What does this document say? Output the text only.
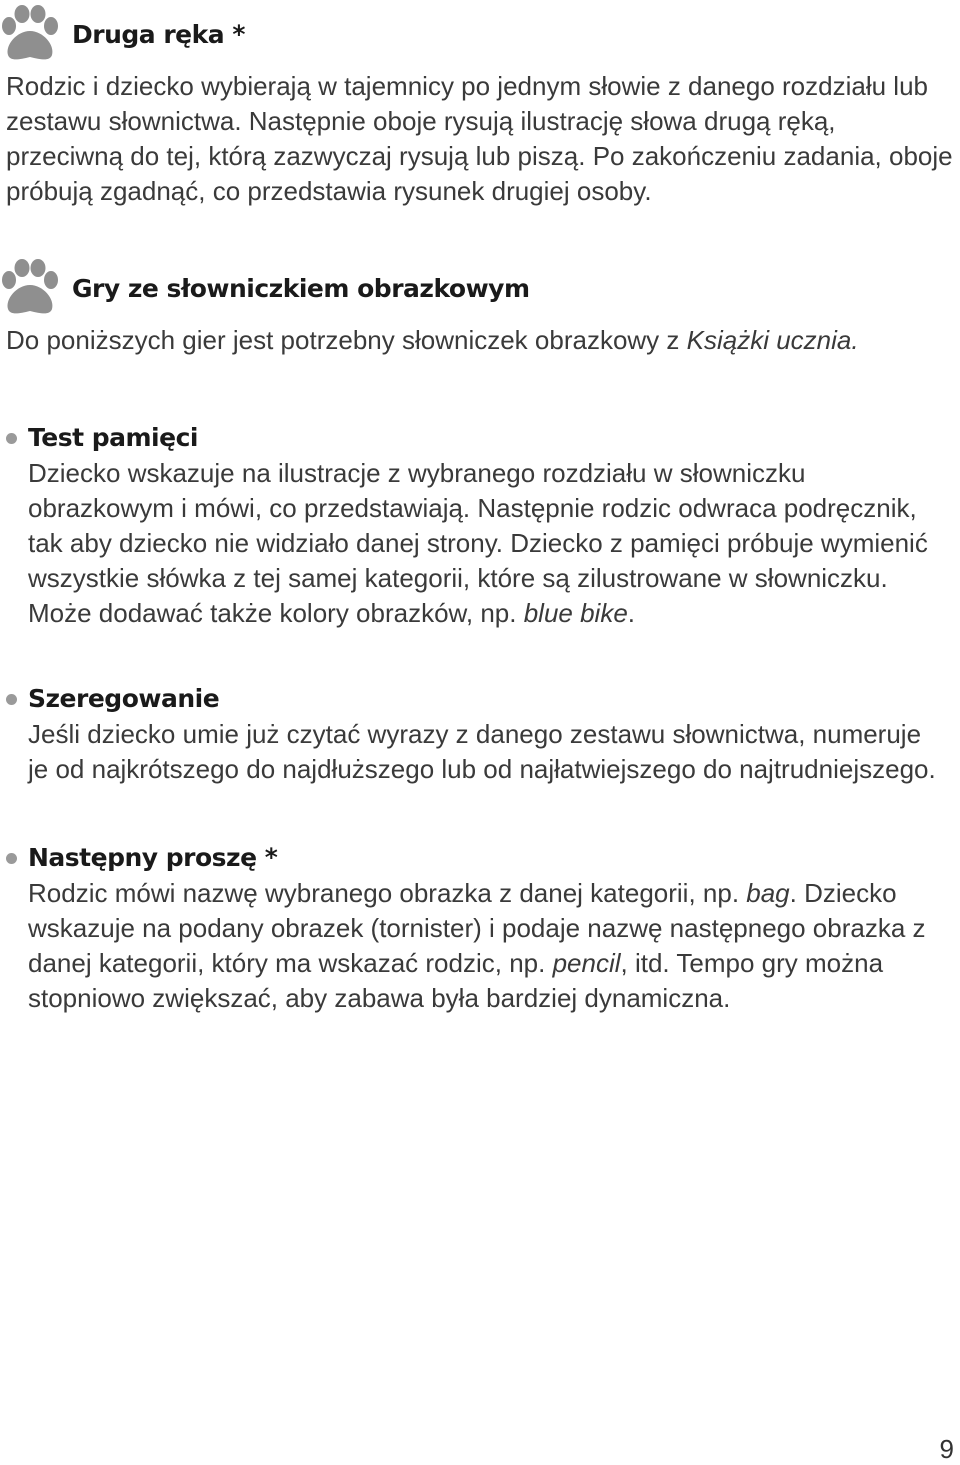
Druga ręka *

Rodzic i dziecko wybierają w tajemnicy po jednym słowie z danego rozdziału lub zestawu słownictwa. Następnie oboje rysują ilustrację słowa drugą ręką, przeciwną do tej, którą zazwyczaj rysują lub piszą. Po zakończeniu zadania, oboje próbują zgadnąć, co przedstawia rysunek drugiej osoby.

Gry ze słowniczkiem obrazkowym

Do poniższych gier jest potrzebny słowniczek obrazkowy z Książki ucznia.

Test pamięci

Dziecko wskazuje na ilustracje z wybranego rozdziału w słowniczku obrazkowym i mówi, co przedstawiają. Następnie rodzic odwraca podręcznik, tak aby dziecko nie widziało danej strony. Dziecko z pamięci próbuje wymienić wszystkie słówka z tej samej kategorii, które są zilustrowane w słowniczku. Może dodawać także kolory obrazków, np. blue bike.

Szeregowanie

Jeśli dziecko umie już czytać wyrazy z danego zestawu słownictwa, numeruje je od najkrótszego do najdłuższego lub od najłatwiejszego do najtrudniejszego.

Następny proszę *

Rodzic mówi nazwę wybranego obrazka z danej kategorii, np. bag. Dziecko wskazuje na podany obrazek (tornister) i podaje nazwę następnego obrazka z danej kategorii, który ma wskazać rodzic, np. pencil, itd. Tempo gry można stopniowo zwiększać, aby zabawa była bardziej dynamiczna.

9
